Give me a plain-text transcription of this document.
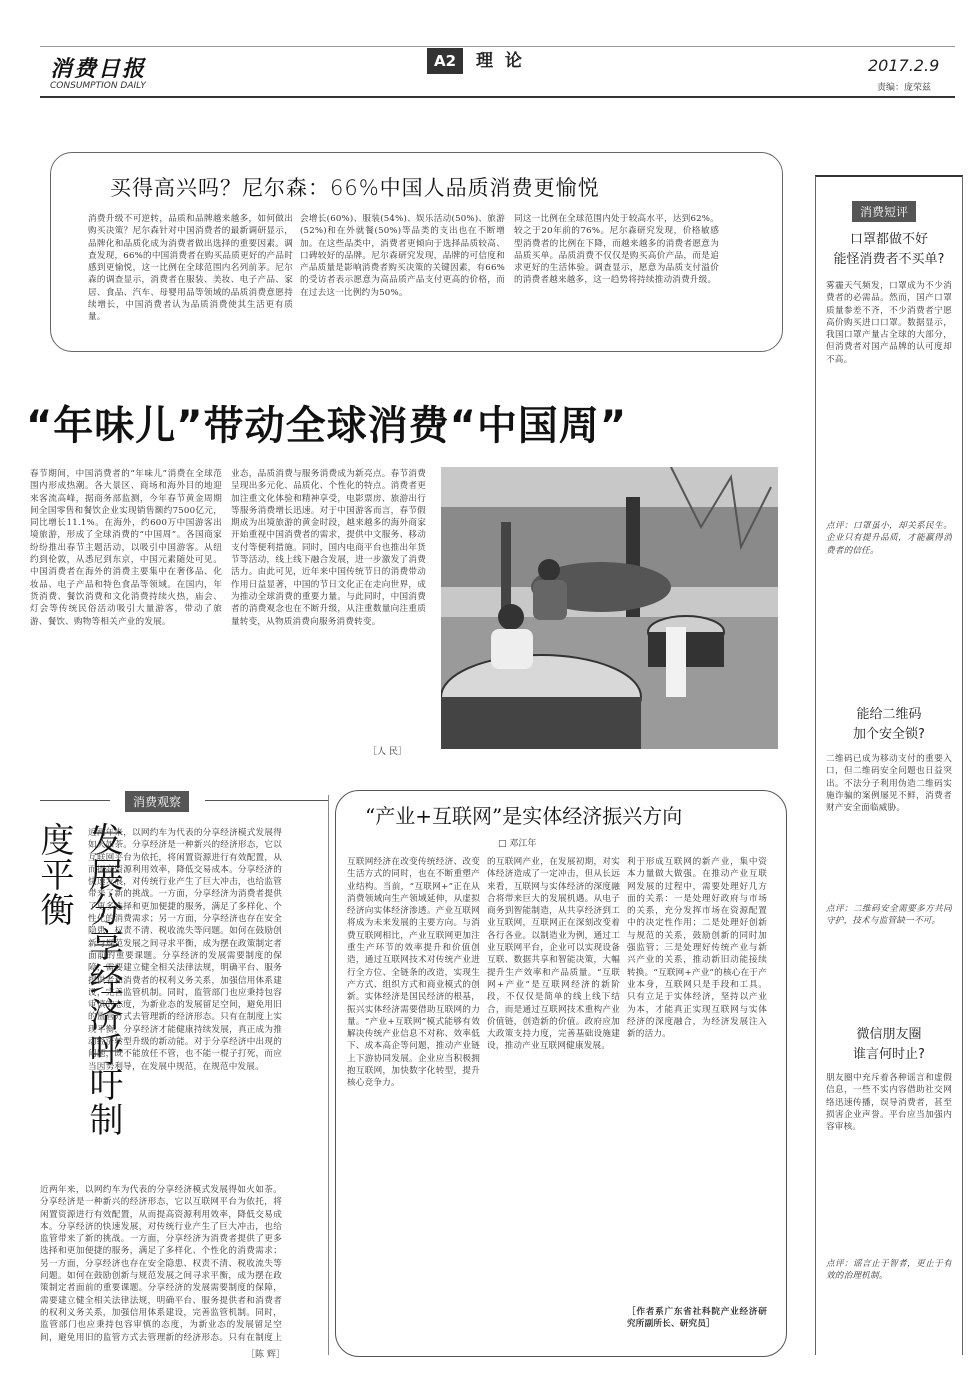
消费日报
CONSUMPTION DAILY
A2	理 论	2017.2.9
责编：庞荣兹
买得高兴吗？尼尔森：66%中国人品质消费更愉悦
消费升级不可逆转，品质和品牌越来越多，如何做出购买决策？尼尔森针对中国消费者的最新调研显示，品牌化和品质化成为消费者做出选择的重要因素。调查发现，66%的中国消费者在购买品质更好的产品时感到更愉悦，这一比例在全球范围内名列前茅。尼尔森的调查显示，消费者在服装、美妆、电子产品、家居、食品、汽车、母婴用品等领域的品质消费意愿持续增长，中国消费者认为品质消费使其生活更有质量。
会增长(60%)、服装(54%)、娱乐活动(50%)、旅游(52%)和在外就餐(50%)等品类的支出也在不断增加。在这些品类中，消费者更倾向于选择品质较高、口碑较好的品牌。尼尔森研究发现，品牌的可信度和产品质量是影响消费者购买决策的关键因素，有66%的受访者表示愿意为高品质产品支付更高的价格，而在过去这一比例约为50%。
同这一比例在全球范围内处于较高水平，达到62%。较之于20年前的76%。尼尔森研究发现，价格敏感型消费者的比例在下降，而越来越多的消费者愿意为品质买单。品质消费不仅仅是购买高价产品，而是追求更好的生活体验。调查显示，愿意为品质支付溢价的消费者越来越多，这一趋势将持续推动消费升级。
“年味儿”带动全球消费“中国周”
春节期间，中国消费者的“年味儿”消费在全球范围内形成热潮。各大景区、商场和海外目的地迎来客流高峰，据商务部监测，今年春节黄金周期间全国零售和餐饮企业实现销售额约7500亿元，同比增长11.1%。在海外，约600万中国游客出境旅游，形成了全球消费的“中国周”。各国商家纷纷推出春节主题活动，以吸引中国游客。从纽约到伦敦，从悉尼到东京，中国元素随处可见。中国消费者在海外的消费主要集中在奢侈品、化妆品、电子产品和特色食品等领域。在国内，年货消费、餐饮消费和文化消费持续火热，庙会、灯会等传统民俗活动吸引大量游客，带动了旅游、餐饮、购物等相关产业的发展。
业态，品质消费与服务消费成为新亮点。春节消费呈现出多元化、品质化、个性化的特点。消费者更加注重文化体验和精神享受，电影票房、旅游出行等服务消费增长迅速。对于中国游客而言，春节假期成为出境旅游的黄金时段，越来越多的海外商家开始重视中国消费者的需求，提供中文服务、移动支付等便利措施。同时，国内电商平台也推出年货节等活动，线上线下融合发展，进一步激发了消费活力。由此可见，近年来中国传统节日的消费带动作用日益显著，中国的节日文化正在走向世界，成为推动全球消费的重要力量。与此同时，中国消费者的消费观念也在不断升级，从注重数量向注重质量转变，从物质消费向服务消费转变。
［人 民］
消费观察
发展分享经济呼吁制度平衡	近两年来，以网约车为代表的分享经济模式发展得如火如荼。分享经济是一种新兴的经济形态，它以互联网平台为依托，将闲置资源进行有效配置，从而提高资源利用效率，降低交易成本。分享经济的快速发展，对传统行业产生了巨大冲击，也给监管带来了新的挑战。一方面，分享经济为消费者提供了更多选择和更加便捷的服务，满足了多样化、个性化的消费需求；另一方面，分享经济也存在安全隐患、权责不清、税收流失等问题。如何在鼓励创新与规范发展之间寻求平衡，成为摆在政策制定者面前的重要课题。分享经济的发展需要制度的保障，需要建立健全相关法律法规，明确平台、服务提供者和消费者的权利义务关系，加强信用体系建设，完善监管机制。同时，监管部门也应秉持包容审慎的态度，为新业态的发展留足空间，避免用旧的监管方式去管理新的经济形态。只有在制度上实现平衡，分享经济才能健康持续发展，真正成为推动经济转型升级的新动能。对于分享经济中出现的问题，既不能放任不管，也不能一棍子打死，而应当因势利导，在发展中规范，在规范中发展。
近两年来，以网约车为代表的分享经济模式发展得如火如荼。分享经济是一种新兴的经济形态，它以互联网平台为依托，将闲置资源进行有效配置，从而提高资源利用效率，降低交易成本。分享经济的快速发展，对传统行业产生了巨大冲击，也给监管带来了新的挑战。一方面，分享经济为消费者提供了更多选择和更加便捷的服务，满足了多样化、个性化的消费需求；另一方面，分享经济也存在安全隐患、权责不清、税收流失等问题。如何在鼓励创新与规范发展之间寻求平衡，成为摆在政策制定者面前的重要课题。分享经济的发展需要制度的保障，需要建立健全相关法律法规，明确平台、服务提供者和消费者的权利义务关系，加强信用体系建设，完善监管机制。同时，监管部门也应秉持包容审慎的态度，为新业态的发展留足空间，避免用旧的监管方式去管理新的经济形态。只有在制度上
［陈 辉］
“产业+互联网”是实体经济振兴方向
□ 邓江年
互联网经济在改变传统经济、改变生活方式的同时，也在不断重塑产业结构。当前，“互联网+”正在从消费领域向生产领域延伸，从虚拟经济向实体经济渗透。产业互联网将成为未来发展的主要方向。与消费互联网相比，产业互联网更加注重生产环节的效率提升和价值创造，通过互联网技术对传统产业进行全方位、全链条的改造，实现生产方式、组织方式和商业模式的创新。实体经济是国民经济的根基，振兴实体经济需要借助互联网的力量。“产业+互联网”模式能够有效解决传统产业信息不对称、效率低下、成本高企等问题，推动产业链上下游协同发展。企业应当积极拥抱互联网，加快数字化转型，提升核心竞争力。
的互联网产业，在发展初期，对实体经济造成了一定冲击，但从长远来看，互联网与实体经济的深度融合将带来巨大的发展机遇。从电子商务到智能制造，从共享经济到工业互联网，互联网正在深刻改变着各行各业。以制造业为例，通过工业互联网平台，企业可以实现设备互联、数据共享和智能决策，大幅提升生产效率和产品质量。“互联网+产业”是互联网经济的新阶段，不仅仅是简单的线上线下结合，而是通过互联网技术重构产业价值链，创造新的价值。政府应加大政策支持力度，完善基础设施建设，推动产业互联网健康发展。
利于形成互联网的新产业，集中资本力量做大做强。在推动产业互联网发展的过程中，需要处理好几方面的关系：一是处理好政府与市场的关系，充分发挥市场在资源配置中的决定性作用；二是处理好创新与规范的关系，鼓励创新的同时加强监管；三是处理好传统产业与新兴产业的关系，推动新旧动能接续转换。“互联网+产业”的核心在于产业本身，互联网只是手段和工具。只有立足于实体经济，坚持以产业为本，才能真正实现互联网与实体经济的深度融合，为经济发展注入新的活力。
［作者系广东省社科院产业经济研究所副所长、研究员］
消费短评
口罩都做不好
能怪消费者不买单?
雾霾天气频发，口罩成为不少消费者的必需品。然而，国产口罩质量参差不齐，不少消费者宁愿高价购买进口口罩。数据显示，我国口罩产量占全球的大部分，但消费者对国产品牌的认可度却不高。
点评：口罩虽小，却关系民生。企业只有提升品质，才能赢得消费者的信任。
能给二维码
加个安全锁?
二维码已成为移动支付的重要入口，但二维码安全问题也日益突出。不法分子利用伪造二维码实施诈骗的案例屡见不鲜，消费者财产安全面临威胁。
点评：二维码安全需要多方共同守护，技术与监管缺一不可。
微信朋友圈
谁言何时止?
朋友圈中充斥着各种谣言和虚假信息，一些不实内容借助社交网络迅速传播，误导消费者，甚至损害企业声誉。平台应当加强内容审核。
点评：谣言止于智者，更止于有效的治理机制。
